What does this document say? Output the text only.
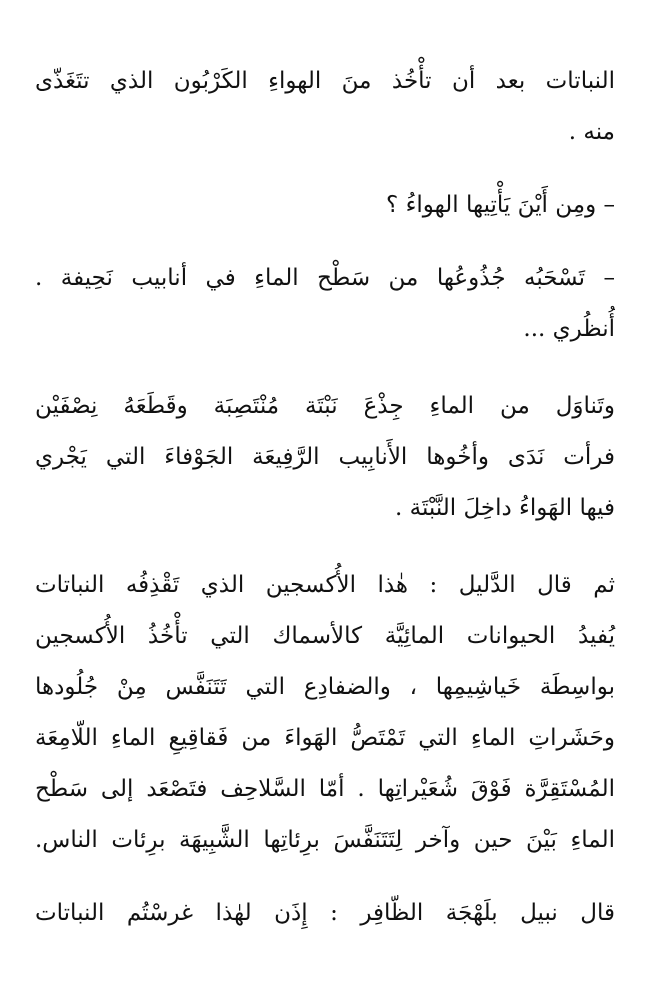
النباتات بعد أن تأْخُذ منَ الهواءِ الكَرْبُون الذي تتَغَذّى
منه .

– ومِن أَيْنَ يَأْتِيها الهواءُ ؟

– تَسْحَبُه جُذُوعُها من سَطْح الماءِ في أنابيب نَحِيفة .
أُنظُري ...

وتَناوَل من الماءِ جِذْعَ نَبْتَة مُنْتَصِبَة وقَطَعَهُ نِصْفَيْن
فرأت نَدَى وأخُوها الأَنابِيب الرَّفِيعَة الجَوْفاءَ التي يَجْري
فيها الهَواءُ داخِلَ النَّبْتَة .

ثم قال الدَّليل : هٰذا الأُكسجين الذي تَقْذِفُه النباتات
يُفيدُ الحيوانات المائِيَّة كالأسماك التي تأْخُذُ الأُكسجين
بواسِطَة خَياشِيمِها ، والضفادِع التي تَتَنَفَّس مِنْ جُلُودها
وحَشَراتِ الماءِ التي تَمْتَصُّ الهَواءَ من فَقاقِيعِ الماءِ اللّامِعَة
المُسْتَقِرَّة فَوْقَ شُعَيْراتِها . أمّا السَّلاحِف فتَصْعَد إلى سَطْح
الماءِ بَيْنَ حين وآخر لِتَتَنَفَّسَ برِئاتِها الشَّبِيهَة برِئات الناس.

قال نبيل بلَهْجَة الظّافِر : إِذَن لهٰذا غرسْتُم النباتات
